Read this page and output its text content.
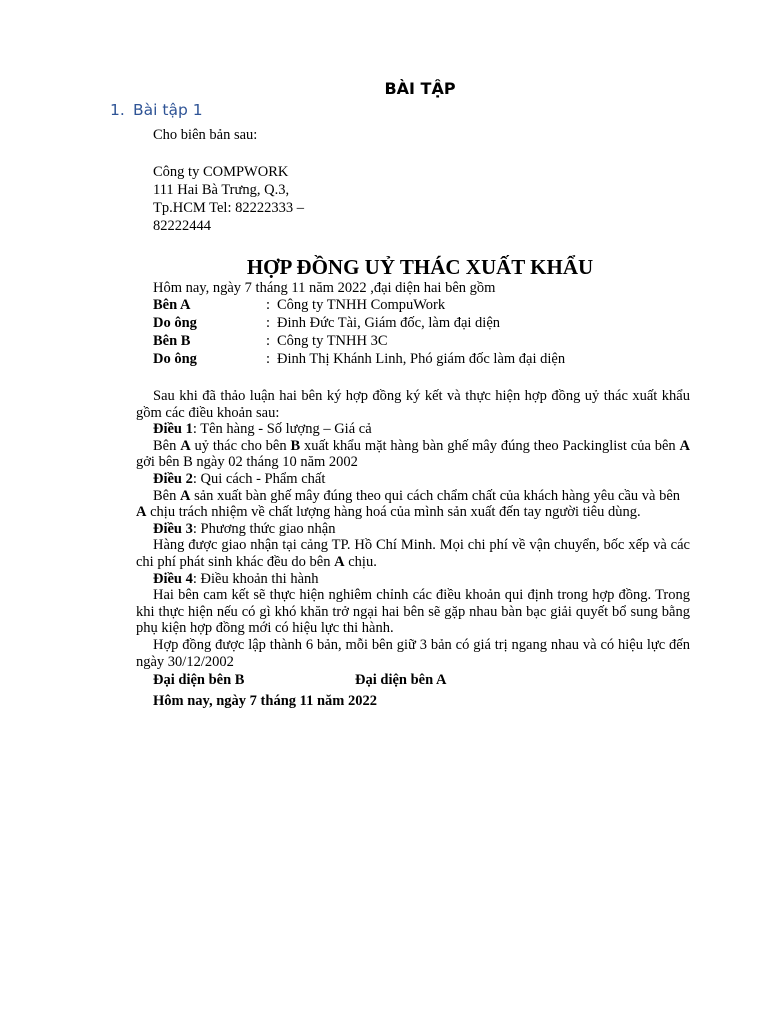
BÀI TẬP
1. Bài tập 1
Cho biên bản sau:
Công ty COMPWORK
111 Hai Bà Trưng, Q.3,
Tp.HCM Tel: 82222333 –
82222444
HỢP ĐỒNG UỶ THÁC XUẤT KHẨU
Hôm nay, ngày 7 tháng 11 năm 2022 ,đại diện hai bên gồm
Bên A	: Công ty TNHH CompuWork
Do ông	: Đinh Đức Tài, Giám đốc, làm đại diện
Bên B	: Công ty TNHH 3C
Do ông	: Đinh Thị Khánh Linh, Phó giám đốc làm đại diện

Sau khi đã thảo luận hai bên ký hợp đồng ký kết và thực hiện hợp đồng uỷ thác xuất khẩu gồm các điều khoản sau:

Điều 1: Tên hàng - Số lượng – Giá cả

Bên A uỷ thác cho bên B xuất khẩu mặt hàng bàn ghế mây đúng theo Packinglist của bên A gởi bên B ngày 02 tháng 10 năm 2002

Điều 2: Qui cách - Phẩm chất

Bên A sản xuất bàn ghế mây đúng theo qui cách chẩm chất của khách hàng yêu cầu và bên

A chịu trách nhiệm về chất lượng hàng hoá của mình sản xuất đến tay người tiêu dùng.

Điều 3: Phương thức giao nhận

Hàng được giao nhận tại cảng TP. Hồ Chí Minh. Mọi chi phí về vận chuyển, bốc xếp và các chi phí phát sinh khác đều do bên A chịu.

Điều 4: Điều khoản thi hành

Hai bên cam kết sẽ thực hiện nghiêm chỉnh các điều khoản qui định trong hợp đồng. Trong khi thực hiện nếu có gì khó khăn trở ngại hai bên sẽ gặp nhau bàn bạc giải quyết bổ sung bằng phụ kiện hợp đồng mới có hiệu lực thi hành.

Hợp đồng được lập thành 6 bản, mỗi bên giữ 3 bản có giá trị ngang nhau và có hiệu lực đến ngày 30/12/2002

Đại diện bên B	Đại diện bên A
Hôm nay, ngày 7 tháng 11 năm 2022
